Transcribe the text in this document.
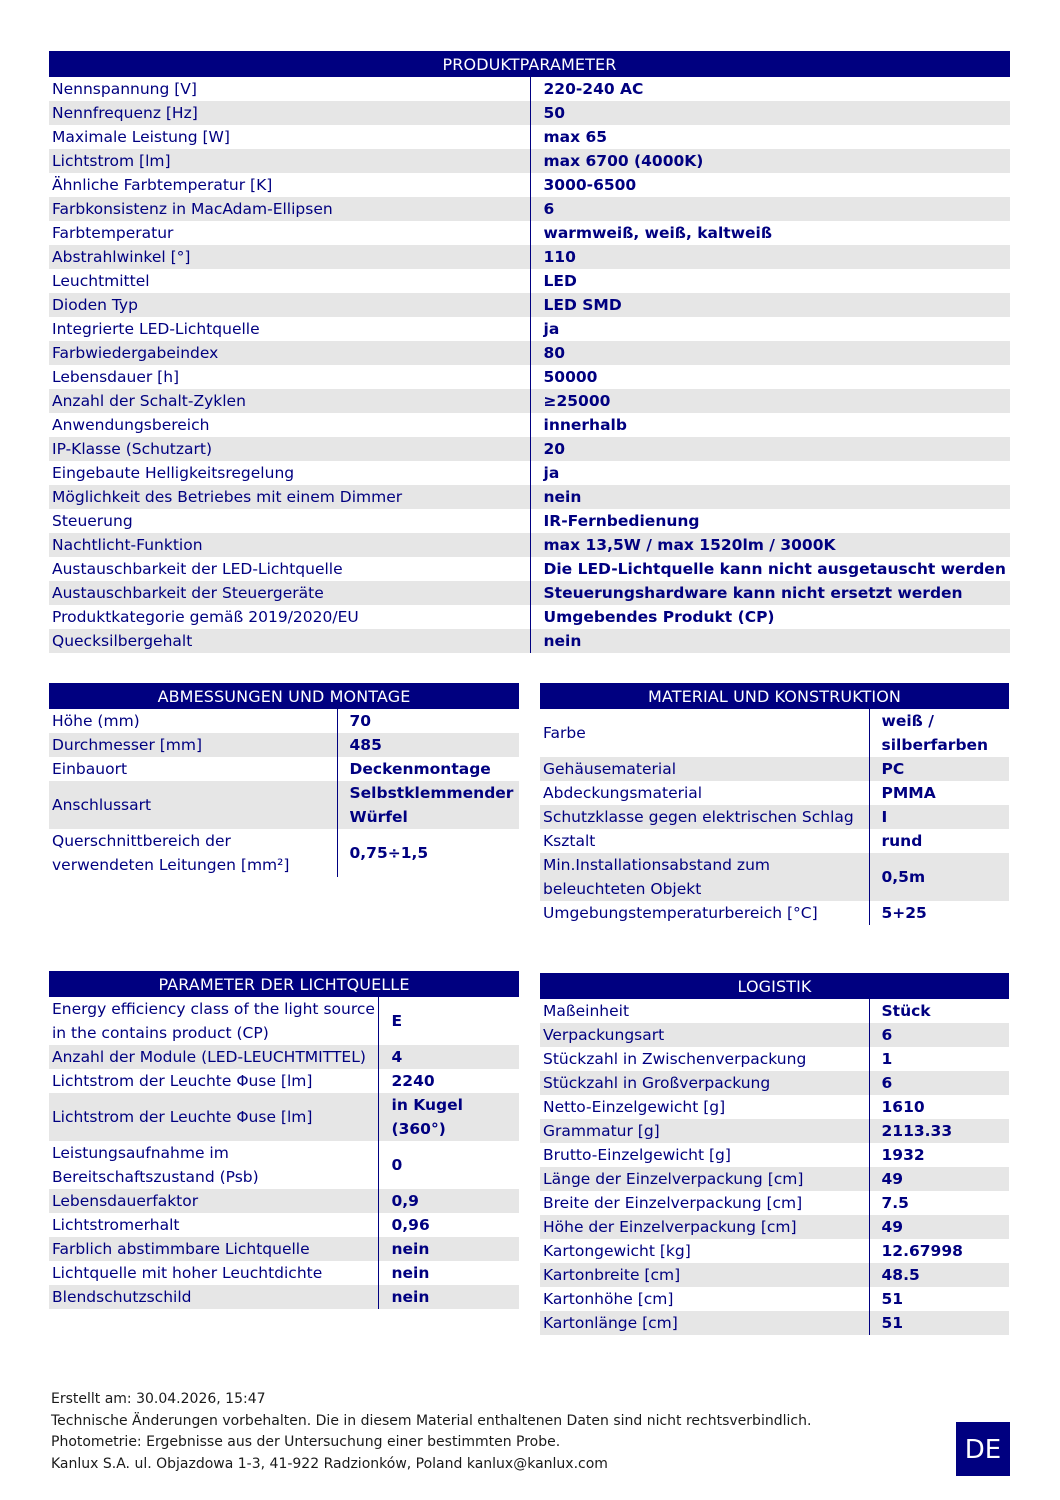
PRODUKTPARAMETER
Nennspannung [V]	220-240 AC
Nennfrequenz [Hz]	50
Maximale Leistung [W]	max 65
Lichtstrom [lm]	max 6700 (4000K)
Ähnliche Farbtemperatur [K]	3000-6500
Farbkonsistenz in MacAdam-Ellipsen	6
Farbtemperatur	warmweiß, weiß, kaltweiß
Abstrahlwinkel [°]	110
Leuchtmittel	LED
Dioden Typ	LED SMD
Integrierte LED-Lichtquelle	ja
Farbwiedergabeindex	80
Lebensdauer [h]	50000
Anzahl der Schalt-Zyklen	≥25000
Anwendungsbereich	innerhalb
IP-Klasse (Schutzart)	20
Eingebaute Helligkeitsregelung	ja
Möglichkeit des Betriebes mit einem Dimmer	nein
Steuerung	IR-Fernbedienung
Nachtlicht-Funktion	max 13,5W / max 1520lm / 3000K
Austauschbarkeit der LED-Lichtquelle	Die LED-Lichtquelle kann nicht ausgetauscht werden
Austauschbarkeit der Steuergeräte	Steuerungshardware kann nicht ersetzt werden
Produktkategorie gemäß 2019/2020/EU	Umgebendes Produkt (CP)
Quecksilbergehalt	nein
ABMESSUNGEN UND MONTAGE
Höhe (mm)	70
Durchmesser [mm]	485
Einbauort	Deckenmontage
Anschlussart	Selbstklemmender Würfel
Querschnittbereich der verwendeten Leitungen [mm²]	0,75÷1,5
MATERIAL UND KONSTRUKTION
Farbe	weiß / silberfarben
Gehäusematerial	PC
Abdeckungsmaterial	PMMA
Schutzklasse gegen elektrischen Schlag	I
Ksztalt	rund
Min.Installationsabstand zum beleuchteten Objekt	0,5m
Umgebungstemperaturbereich [°C]	5+25
PARAMETER DER LICHTQUELLE
Energy efficiency class of the light source in the contains product (CP)	E
Anzahl der Module (LED-LEUCHTMITTEL)	4
Lichtstrom der Leuchte Φuse [lm]	2240
Lichtstrom der Leuchte Φuse [lm]	in Kugel (360°)
Leistungsaufnahme im Bereitschaftszustand (Psb)	0
Lebensdauerfaktor	0,9
Lichtstromerhalt	0,96
Farblich abstimmbare Lichtquelle	nein
Lichtquelle mit hoher Leuchtdichte	nein
Blendschutzschild	nein
LOGISTIK
Maßeinheit	Stück
Verpackungsart	6
Stückzahl in Zwischenverpackung	1
Stückzahl in Großverpackung	6
Netto-Einzelgewicht [g]	1610
Grammatur [g]	2113.33
Brutto-Einzelgewicht [g]	1932
Länge der Einzelverpackung [cm]	49
Breite der Einzelverpackung [cm]	7.5
Höhe der Einzelverpackung [cm]	49
Kartongewicht [kg]	12.67998
Kartonbreite [cm]	48.5
Kartonhöhe [cm]	51
Kartonlänge [cm]	51
Erstellt am: 30.04.2026, 15:47
Technische Änderungen vorbehalten. Die in diesem Material enthaltenen Daten sind nicht rechtsverbindlich.
Photometrie: Ergebnisse aus der Untersuchung einer bestimmten Probe.
Kanlux S.A. ul. Objazdowa 1-3, 41-922 Radzionków, Poland kanlux@kanlux.com	DE
